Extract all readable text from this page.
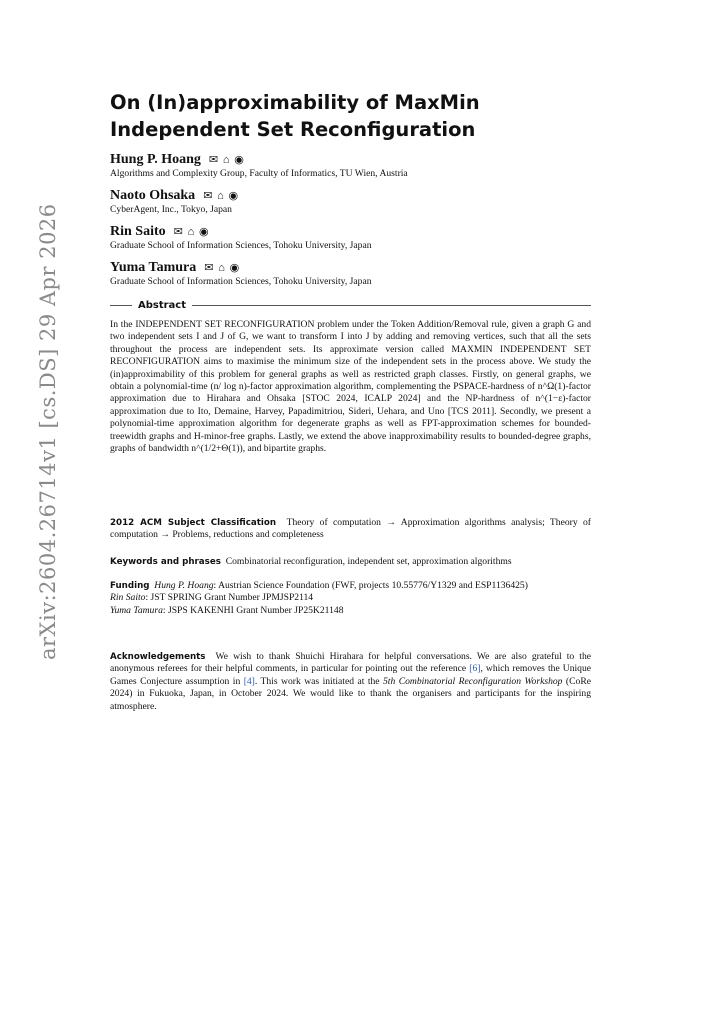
arXiv:2604.26714v1 [cs.DS] 29 Apr 2026
On (In)approximability of MaxMin Independent Set Reconfiguration
Hung P. Hoang ✉ ⌂ ◉
Algorithms and Complexity Group, Faculty of Informatics, TU Wien, Austria
Naoto Ohsaka ✉ ⌂ ◉
CyberAgent, Inc., Tokyo, Japan
Rin Saito ✉ ⌂ ◉
Graduate School of Information Sciences, Tohoku University, Japan
Yuma Tamura ✉ ⌂ ◉
Graduate School of Information Sciences, Tohoku University, Japan
Abstract
In the INDEPENDENT SET RECONFIGURATION problem under the Token Addition/Removal rule, given a graph G and two independent sets I and J of G, we want to transform I into J by adding and removing vertices, such that all the sets throughout the process are independent sets. Its approximate version called MAXMIN INDEPENDENT SET RECONFIGURATION aims to maximise the minimum size of the independent sets in the process above. We study the (in)approximability of this problem for general graphs as well as restricted graph classes. Firstly, on general graphs, we obtain a polynomial-time (n/ log n)-factor approximation algorithm, complementing the PSPACE-hardness of n^Ω(1)-factor approximation due to Hirahara and Ohsaka [STOC 2024, ICALP 2024] and the NP-hardness of n^(1−ε)-factor approximation due to Ito, Demaine, Harvey, Papadimitriou, Sideri, Uehara, and Uno [TCS 2011]. Secondly, we present a polynomial-time approximation algorithm for degenerate graphs as well as FPT-approximation schemes for bounded-treewidth graphs and H-minor-free graphs. Lastly, we extend the above inapproximability results to bounded-degree graphs, graphs of bandwidth n^(1/2+Θ(1)), and bipartite graphs.

2012 ACM Subject Classification Theory of computation → Approximation algorithms analysis; Theory of computation → Problems, reductions and completeness

Keywords and phrases Combinatorial reconfiguration, independent set, approximation algorithms

Funding Hung P. Hoang: Austrian Science Foundation (FWF, projects 10.55776/Y1329 and ESP1136425)

Rin Saito: JST SPRING Grant Number JPMJSP2114

Yuma Tamura: JSPS KAKENHI Grant Number JP25K21148

Acknowledgements We wish to thank Shuichi Hirahara for helpful conversations. We are also grateful to the anonymous referees for their helpful comments, in particular for pointing out the reference [6], which removes the Unique Games Conjecture assumption in [4]. This work was initiated at the 5th Combinatorial Reconfiguration Workshop (CoRe 2024) in Fukuoka, Japan, in October 2024. We would like to thank the organisers and participants for the inspiring atmosphere.
